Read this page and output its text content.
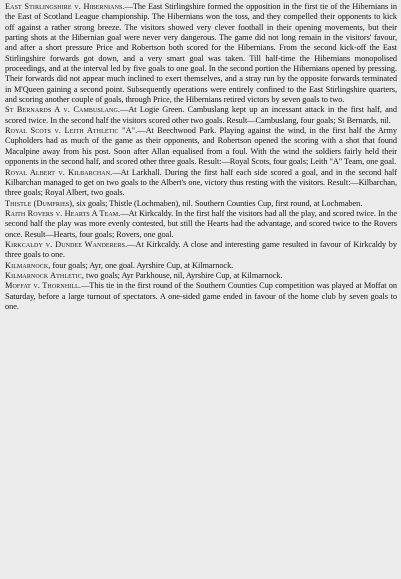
East Stirlingshire v. Hibernians.—The East Stirlingshire formed the opposition in the first tie of the Hibernians in the East of Scotland League championship. The Hibernians won the toss, and they compelled their opponents to kick off against a rather strong breeze. The visitors showed very clever football in their opening movements, but their parting shots at the Hibernian goal were never very dangerous. The game did not long remain in the visitors' favour, and after a short pressure Price and Robertson both scored for the Hibernians. From the second kick-off the East Stirlingshire forwards got down, and a very smart goal was taken. Till half-time the Hibernians monopolised proceedings, and at the interval led by five goals to one goal. In the second portion the Hibernians opened by pressing. Their forwards did not appear much inclined to exert themselves, and a stray run by the opposite forwards terminated in M'Queen gaining a second point. Subsequently operations were entirely confined to the East Stirlingshire quarters, and scoring another couple of goals, through Price, the Hibernians retired victors by seven goals to two.

St Bernards A v. Cambuslang.—At Logie Green. Cambuslang kept up an incessant attack in the first half, and scored twice. In the second half the visitors scored other two goals. Result—Cambuslang, four goals; St Bernards, nil.

Royal Scots v. Leith Athletic "A".—At Beechwood Park. Playing against the wind, in the first half the Army Cupholders had as much of the game as their opponents, and Robertson opened the scoring with a shot that found Macalpine away from his post. Soon after Allan equalised from a foul. With the wind the soldiers fairly held their opponents in the second half, and scored other three goals. Result:—Royal Scots, four goals; Leith "A" Team, one goal.

Royal Albert v. Kilbarchan.—At Larkhall. During the first half each side scored a goal, and in the second half Kilbarchan managed to get on two goals to the Albert's one, victory thus resting with the visitors. Result:—Kilbarchan, three goals; Royal Albert, two goals.

Thistle (Dumfries), six goals; Thistle (Lochmaben), nil. Southern Counties Cup, first round, at Lochmaben.

Raith Rovers v. Hearts A Team.—At Kirkcaldy. In the first half the visitors had all the play, and scored twice. In the second half the play was more evenly contested, but still the Hearts had the advantage, and scored twice to the Rovers once. Result—Hearts, four goals; Rovers, one goal.

Kirkcaldy v. Dundee Wanderers.—At Kirkcaldy. A close and interesting game resulted in favour of Kirkcaldy by three goals to one.

Kilmarnock, four goals; Ayr, one goal. Ayrshire Cup, at Kilmarnock.

Kilmarnock Athletic, two goals; Ayr Parkhouse, nil, Ayrshire Cup, at Kilmarnock.

Moffat v. Thornhill.—This tie in the first round of the Southern Counties Cup competition was played at Moffat on Saturday, before a large turnout of spectators. A one-sided game ended in favour of the home club by seven goals to one.
